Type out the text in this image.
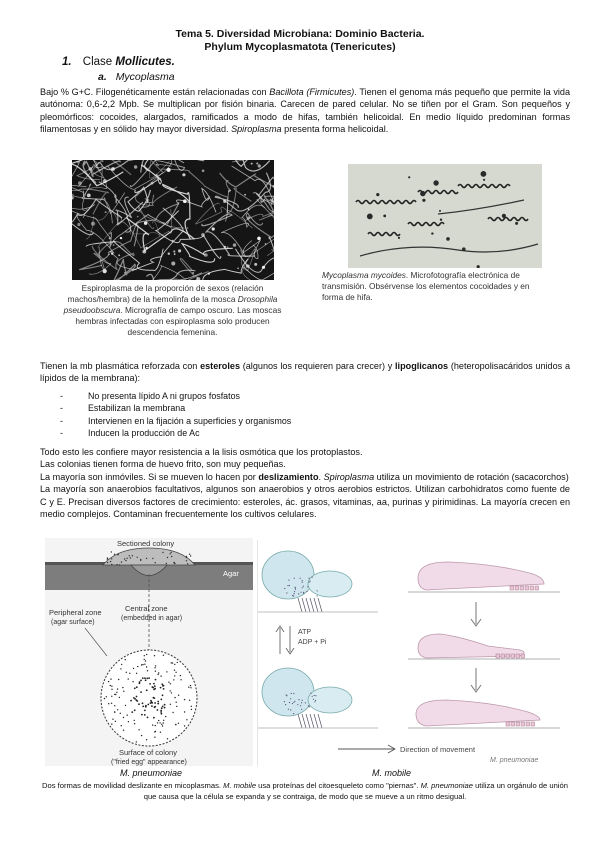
Tema 5. Diversidad Microbiana: Dominio Bacteria.
Phylum Mycoplasmatota (Tenericutes)
1. Clase Mollicutes.
a. Mycoplasma
Bajo % G+C. Filogenéticamente están relacionadas con Bacillota (Firmicutes). Tienen el genoma más pequeño que permite la vida autónoma: 0,6-2,2 Mpb. Se multiplican por fisión binaria. Carecen de pared celular. No se tiñen por el Gram. Son pequeños y pleomórficos: cocoides, alargados, ramificados a modo de hifas, también helicoidal. En medio líquido predominan formas filamentosas y en sólido hay mayor diversidad. Spiroplasma presenta forma helicoidal.
Espiroplasma de la proporción de sexos (relación machos/hembra) de la hemolinfa de la mosca Drosophila pseudoobscura. Micrografía de campo oscuro. Las moscas hembras infectadas con espiroplasma solo producen descendencia femenina.
Mycoplasma mycoides. Microfotografía electrónica de transmisión. Obsérvense los elementos cocoidades y en forma de hifa.
Tienen la mb plasmática reforzada con esteroles (algunos los requieren para crecer) y lipoglicanos (heteropolisacáridos unidos a lípidos de la membrana):
-	No presenta lípido A ni grupos fosfatos
-	Estabilizan la membrana
-	Intervienen en la fijación a superficies y organismos
-	Inducen la producción de Ac
Todo esto les confiere mayor resistencia a la lisis osmótica que los protoplastos.
Las colonias tienen forma de huevo frito, son muy pequeñas.
La mayoría son inmóviles. Si se mueven lo hacen por deslizamiento. Spiroplasma utiliza un movimiento de rotación (sacacorchos)
La mayoría son anaerobios facultativos, algunos son anaerobios y otros aerobios estrictos. Utilizan carbohidratos como fuente de C y E. Precisan diversos factores de crecimiento: esteroles, ác. grasos, vitaminas, aa, purinas y pirimidinas. La mayoría crecen en medio complejos. Contaminan frecuentemente los cultivos celulares.
Sectioned colony
Agar
Central zone
(embedded in agar)
Peripheral zone
(agar surface)
Surface of colony
("fried egg" appearance)
ATP
ADP + Pi
Direction of movement
M. pneumoniae
M. pneumoniae	M. mobile
Dos formas de movilidad deslizante en micoplasmas. M. mobile usa proteínas del citoesqueleto como "piernas". M. pneumoniae utiliza un orgánulo de unión que causa que la célula se expanda y se contraiga, de modo que se mueve a un ritmo desigual.
